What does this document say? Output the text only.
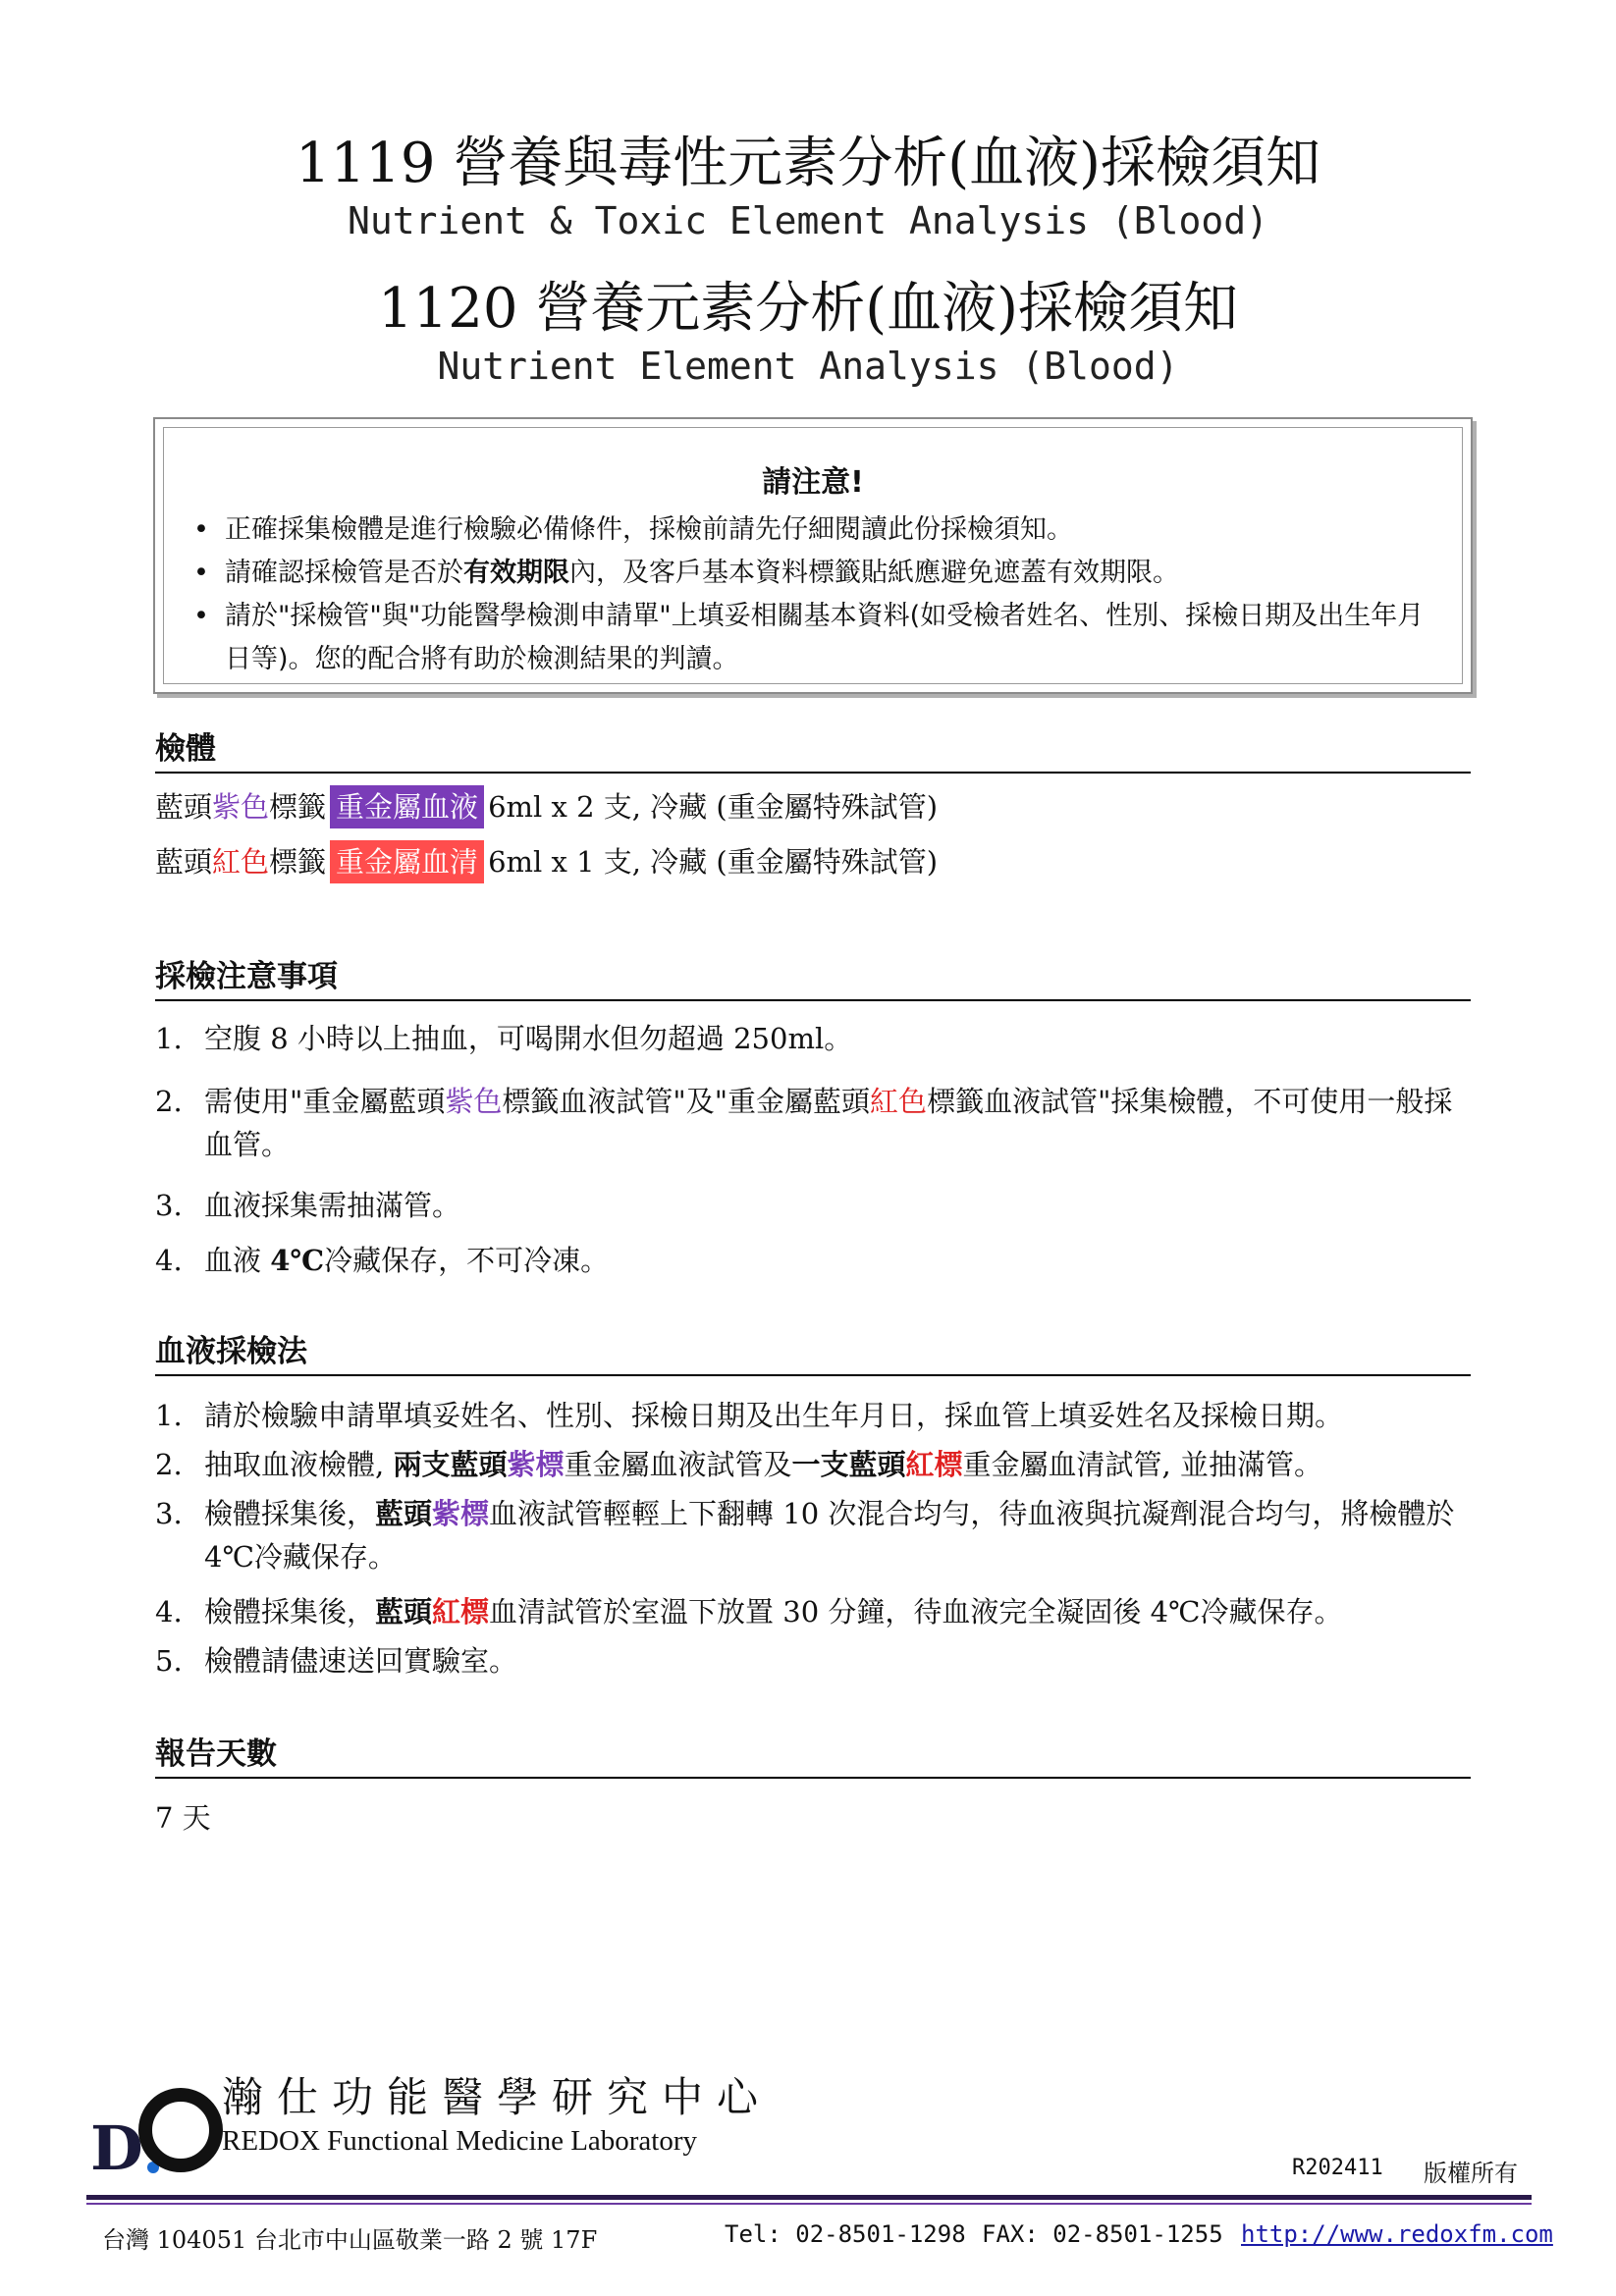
1119 營養與毒性元素分析(血液)採檢須知
Nutrient & Toxic Element Analysis (Blood)
1120 營養元素分析(血液)採檢須知
Nutrient Element Analysis (Blood)
請注意!
• 正確採集檢體是進行檢驗必備條件，採檢前請先仔細閱讀此份採檢須知。
• 請確認採檢管是否於有效期限內，及客戶基本資料標籤貼紙應避免遮蓋有效期限。
• 請於"採檢管"與"功能醫學檢測申請單"上填妥相關基本資料(如受檢者姓名、性別、採檢日期及出生年月日等)。您的配合將有助於檢測結果的判讀。
檢體
藍頭紫色標籤 重金屬血液 6ml x 2 支, 冷藏 (重金屬特殊試管)
藍頭紅色標籤 重金屬血清 6ml x 1 支, 冷藏 (重金屬特殊試管)
採檢注意事項
1. 空腹 8 小時以上抽血，可喝開水但勿超過 250ml。
2. 需使用"重金屬藍頭紫色標籤血液試管"及"重金屬藍頭紅色標籤血液試管"採集檢體，不可使用一般採血管。
3. 血液採集需抽滿管。
4. 血液 4℃冷藏保存，不可冷凍。
血液採檢法
1. 請於檢驗申請單填妥姓名、性別、採檢日期及出生年月日，採血管上填妥姓名及採檢日期。
2. 抽取血液檢體, 兩支藍頭紫標重金屬血液試管及一支藍頭紅標重金屬血清試管, 並抽滿管。
3. 檢體採集後，藍頭紫標血液試管輕輕上下翻轉 10 次混合均勻，待血液與抗凝劑混合均勻，將檢體於 4℃冷藏保存。
4. 檢體採集後，藍頭紅標血清試管於室溫下放置 30 分鐘，待血液完全凝固後 4℃冷藏保存。
5. 檢體請儘速送回實驗室。
報告天數
7 天
D
瀚仕功能醫學研究中心
REDOX Functional Medicine Laboratory
R202411 版權所有
台灣 104051 台北市中山區敬業一路 2 號 17F	Tel: 02-8501-1298 FAX: 02-8501-1255 http://www.redoxfm.com
